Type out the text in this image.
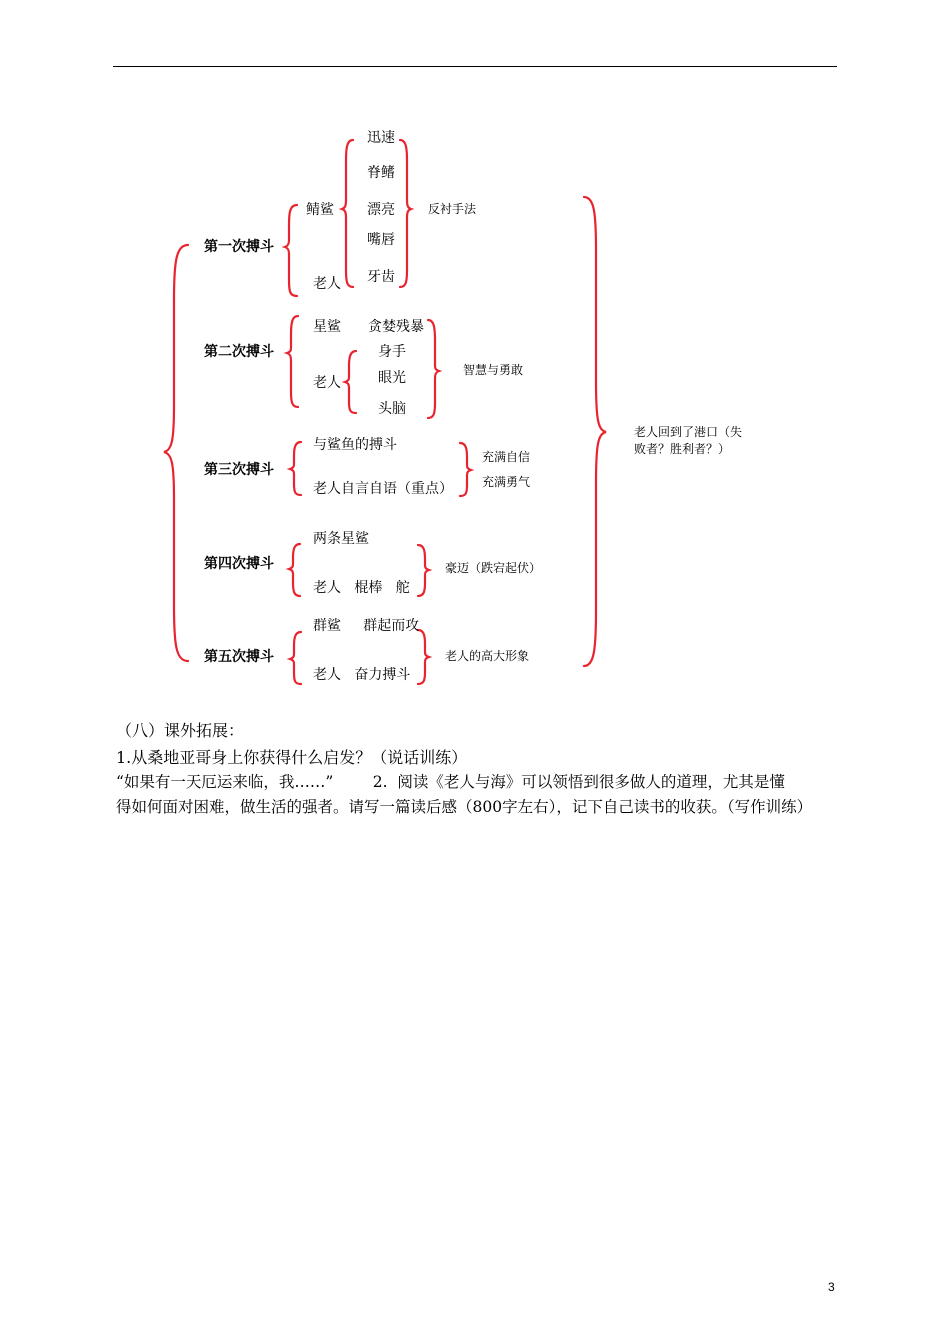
第一次搏斗
第二次搏斗
第三次搏斗
第四次搏斗
第五次搏斗
鲭鲨
老人
迅速
脊鳍
漂亮
嘴唇
牙齿
反衬手法
星鲨 贪婪残暴
老人
身手
眼光
头脑
智慧与勇敢
与鲨鱼的搏斗
老人自言自语（重点）
充满自信
充满勇气
两条星鲨
老人   棍棒   舵
豪迈（跌宕起伏）
群鲨     群起而攻
老人   奋力搏斗
老人的高大形象
老人回到了港口（失
败者？胜利者？）
（八）课外拓展：
1.从桑地亚哥身上你获得什么启发？（说话训练）
“如果有一天厄运来临，我……”        2.  阅读《老人与海》可以领悟到很多做人的道理，尤其是懂
得如何面对困难，做生活的强者。请写一篇读后感（800字左右），记下自己读书的收获。（写作训练）
3
